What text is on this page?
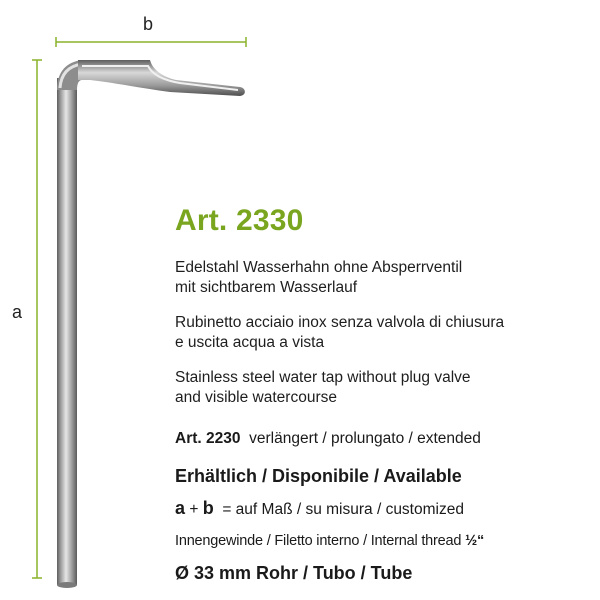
b
a
Art. 2330
Edelstahl Wasserhahn ohne Absperrventil
mit sichtbarem Wasserlauf
Rubinetto acciaio inox senza valvola di chiusura
e uscita acqua a vista
Stainless steel water tap without plug valve
and visible watercourse
Art. 2230 verlängert / prolungato / extended
Erhältlich / Disponibile / Available
a + b = auf Maß / su misura / customized
Innengewinde / Filetto interno / Internal thread ½“
Ø 33 mm Rohr / Tubo / Tube
